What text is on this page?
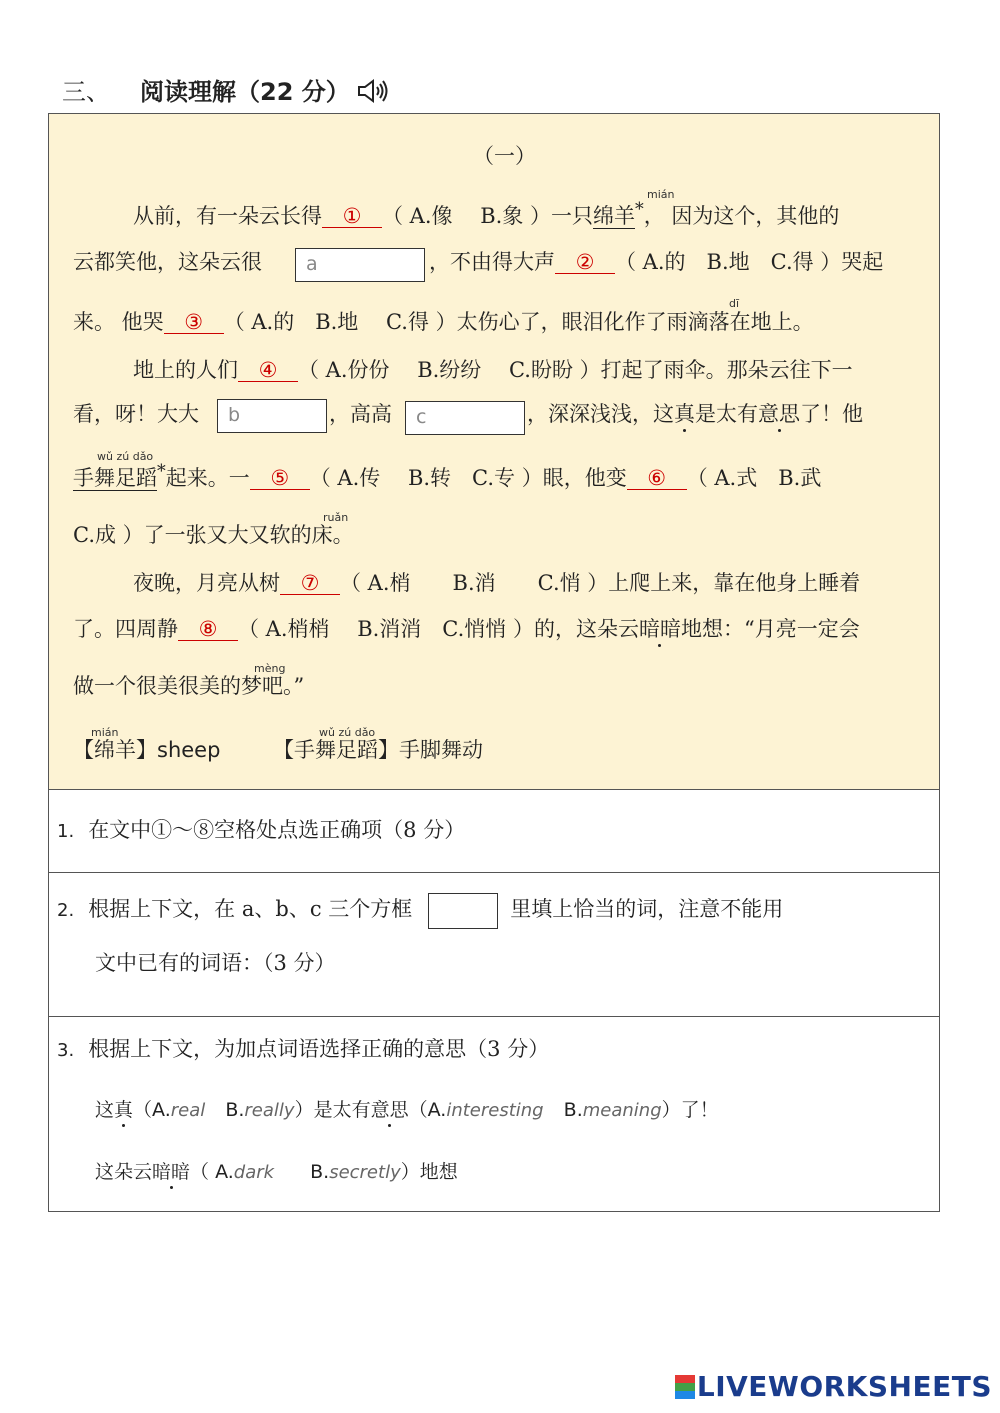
三、 阅读理解（22 分）
（一）
mián
dī
wǔ zú dǎo
ruǎn
mèng
mián	wǔ zú dǎo
从前，有一朵云长得 ① （ A.像　 B.象 ）一只绵羊*， 因为这个，其他的
云都笑他，这朵云很	a	，不由得大声 ② （ A.的　B.地　C.得 ）哭起
来。 他哭 ③ （ A.的　B.地　 C.得 ）太伤心了，眼泪化作了雨滴落在地上。
地上的人们 ④ （ A.份份　 B.纷纷　 C.盼盼 ）打起了雨伞。那朵云往下一
看，呀！大大	b	，高高	c	，深深浅浅，这真是太有意思了！他
手舞足蹈*起来。一 ⑤ （ A.传　 B.转　C.专 ）眼，他变 ⑥ （ A.式　B.武
C.成 ）了一张又大又软的床。
夜晚，月亮从树 ⑦ （ A.梢　　B.消　　C.悄 ）上爬上来，靠在他身上睡着
了。四周静 ⑧ （ A.梢梢　 B.消消　C.悄悄 ）的，这朵云暗暗地想：“月亮一定会
做一个很美很美的梦吧。”
【绵羊】sheep	【手舞足蹈】手脚舞动
1. 在文中①～⑧空格处点选正确项（8 分）
2. 根据上下文，在 a、b、c 三个方框	里填上恰当的词，注意不能用
文中已有的词语：（3 分）
3. 根据上下文，为加点词语选择正确的意思（3 分）
这真（A.real B.really）是太有意思（A.interesting B.meaning）了！
这朵云暗暗（ A.dark B.secretly）地想
LIVEWORKSHEETS
